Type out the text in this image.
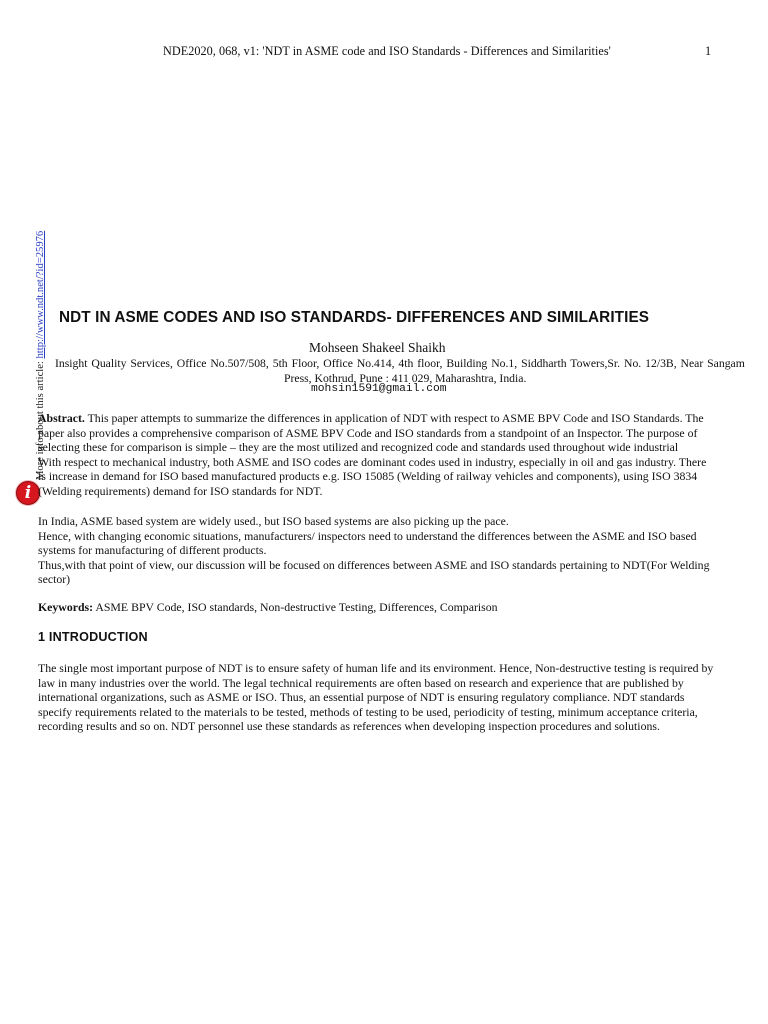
NDE2020, 068, v1: 'NDT in ASME code and ISO Standards - Differences and Similarities'	1
More info about this article: http://www.ndt.net/?id=25976
i
NDT IN ASME CODES AND ISO STANDARDS- DIFFERENCES AND SIMILARITIES
Mohseen Shakeel Shaikh
Insight Quality Services, Office No.507/508, 5th Floor, Office No.414, 4th floor, Building No.1, Siddharth Towers,Sr. No. 12/3B, Near Sangam
Press, Kothrud, Pune : 411 029, Maharashtra, India.
mohsin1591@gmail.com
Abstract. This paper attempts to summarize the differences in application of NDT with respect to ASME BPV Code and ISO Standards. The
paper also provides a comprehensive comparison of ASME BPV Code and ISO standards from a standpoint of an Inspector. The purpose of
selecting these for comparison is simple – they are the most utilized and recognized code and standards used throughout wide industrial
With respect to mechanical industry, both ASME and ISO codes are dominant codes used in industry, especially in oil and gas industry. There
is increase in demand for ISO based manufactured products e.g. ISO 15085 (Welding of railway vehicles and components), using ISO 3834
(Welding requirements) demand for ISO standards for NDT.
In India, ASME based system are widely used., but ISO based systems are also picking up the pace.
Hence, with changing economic situations, manufacturers/ inspectors need to understand the differences between the ASME and ISO based
systems for manufacturing of different products.
Thus,with that point of view, our discussion will be focused on differences between ASME and ISO standards pertaining to NDT(For Welding
sector)
Keywords: ASME BPV Code, ISO standards, Non-destructive Testing, Differences, Comparison
1 INTRODUCTION
The single most important purpose of NDT is to ensure safety of human life and its environment. Hence, Non-destructive testing is required by
law in many industries over the world. The legal technical requirements are often based on research and experience that are published by
international organizations, such as ASME or ISO. Thus, an essential purpose of NDT is ensuring regulatory compliance. NDT standards
specify requirements related to the materials to be tested, methods of testing to be used, periodicity of testing, minimum acceptance criteria,
recording results and so on. NDT personnel use these standards as references when developing inspection procedures and solutions.
